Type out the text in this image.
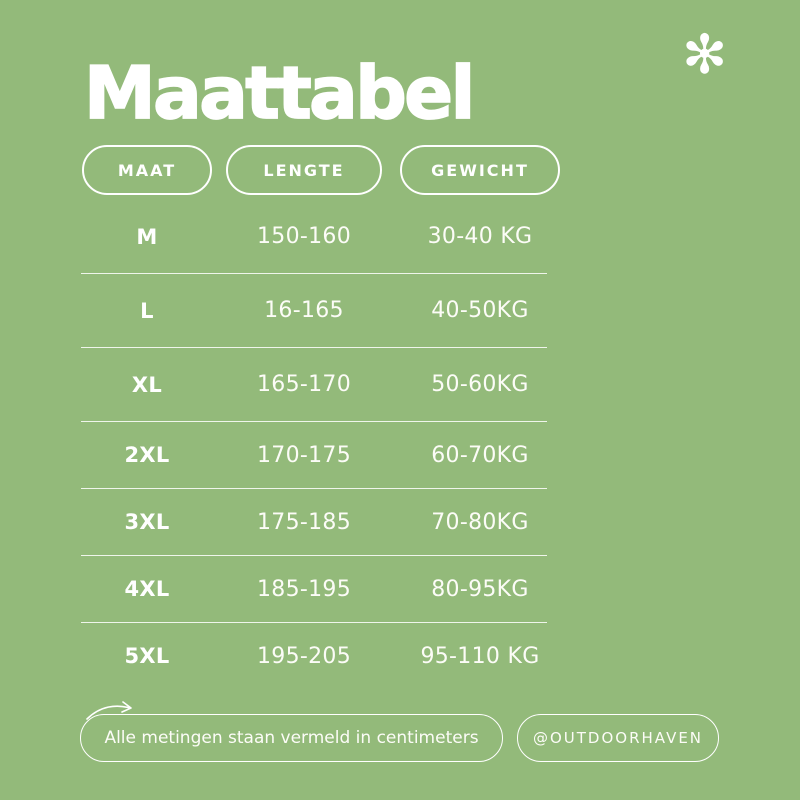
Maattabel	✻
MAAT	LENGTE	GEWICHT
M	150-160	30-40 KG
L	16-165	40-50KG
XL	165-170	50-60KG
2XL	170-175	60-70KG
3XL	175-185	70-80KG
4XL	185-195	80-95KG
5XL	195-205	95-110 KG
Alle metingen staan vermeld in centimeters	@OUTDOORHAVEN
